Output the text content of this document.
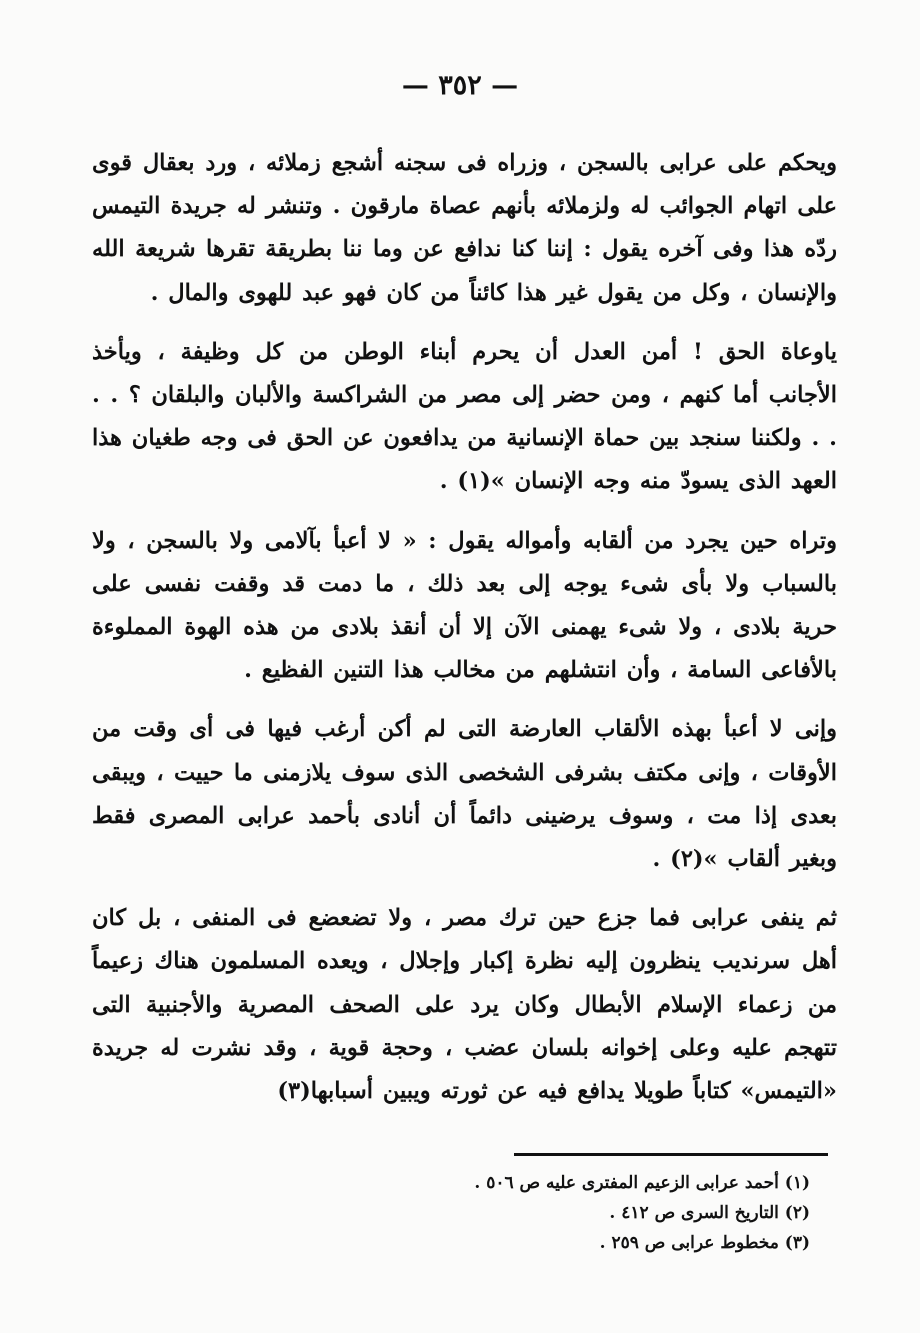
— ٣٥٢ —

ويحكم على عرابى بالسجن ، وزراه فى سجنه أشجع زملائه ، ورد بعقال قوى على اتهام الجوائب له ولزملائه بأنهم عصاة مارقون . وتنشر له جريدة التيمس ردّه هذا وفى آخره يقول : إننا كنا ندافع عن وما ننا بطريقة تقرها شريعة الله والإنسان ، وكل من يقول غير هذا كائناً من كان فهو عبد للهوى والمال .

ياوعاة الحق ! أمن العدل أن يحرم أبناء الوطن من كل وظيفة ، ويأخذ الأجانب أما كنهم ، ومن حضر إلى مصر من الشراكسة والألبان والبلقان ؟ . . . . ولكننا سنجد بين حماة الإنسانية من يدافعون عن الحق فى وجه طغيان هذا العهد الذى يسودّ منه وجه الإنسان »(١) .

وتراه حين يجرد من ألقابه وأمواله يقول : « لا أعبأ بآلامى ولا بالسجن ، ولا بالسباب ولا بأى شىء يوجه إلى بعد ذلك ، ما دمت قد وقفت نفسى على حرية بلادى ، ولا شىء يهمنى الآن إلا أن أنقذ بلادى من هذه الهوة المملوءة بالأفاعى السامة ، وأن انتشلهم من مخالب هذا التنين الفظيع .

وإنى لا أعبأ بهذه الألقاب العارضة التى لم أكن أرغب فيها فى أى وقت من الأوقات ، وإنى مكتف بشرفى الشخصى الذى سوف يلازمنى ما حييت ، ويبقى بعدى إذا مت ، وسوف يرضينى دائماً أن أنادى بأحمد عرابى المصرى فقط وبغير ألقاب »(٢) .

ثم ينفى عرابى فما جزع حين ترك مصر ، ولا تضعضع فى المنفى ، بل كان أهل سرنديب ينظرون إليه نظرة إكبار وإجلال ، ويعده المسلمون هناك زعيماً من زعماء الإسلام الأبطال وكان يرد على الصحف المصرية والأجنبية التى تتهجم عليه وعلى إخوانه بلسان عضب ، وحجة قوية ، وقد نشرت له جريدة «التيمس» كتاباً طويلا يدافع فيه عن ثورته ويبين أسبابها(٣)

(١) أحمد عرابى الزعيم المفترى عليه ص ٥٠٦ .
(٢) التاريخ السرى ص ٤١٢ .
(٣) مخطوط عرابى ص ٢٥٩ .
